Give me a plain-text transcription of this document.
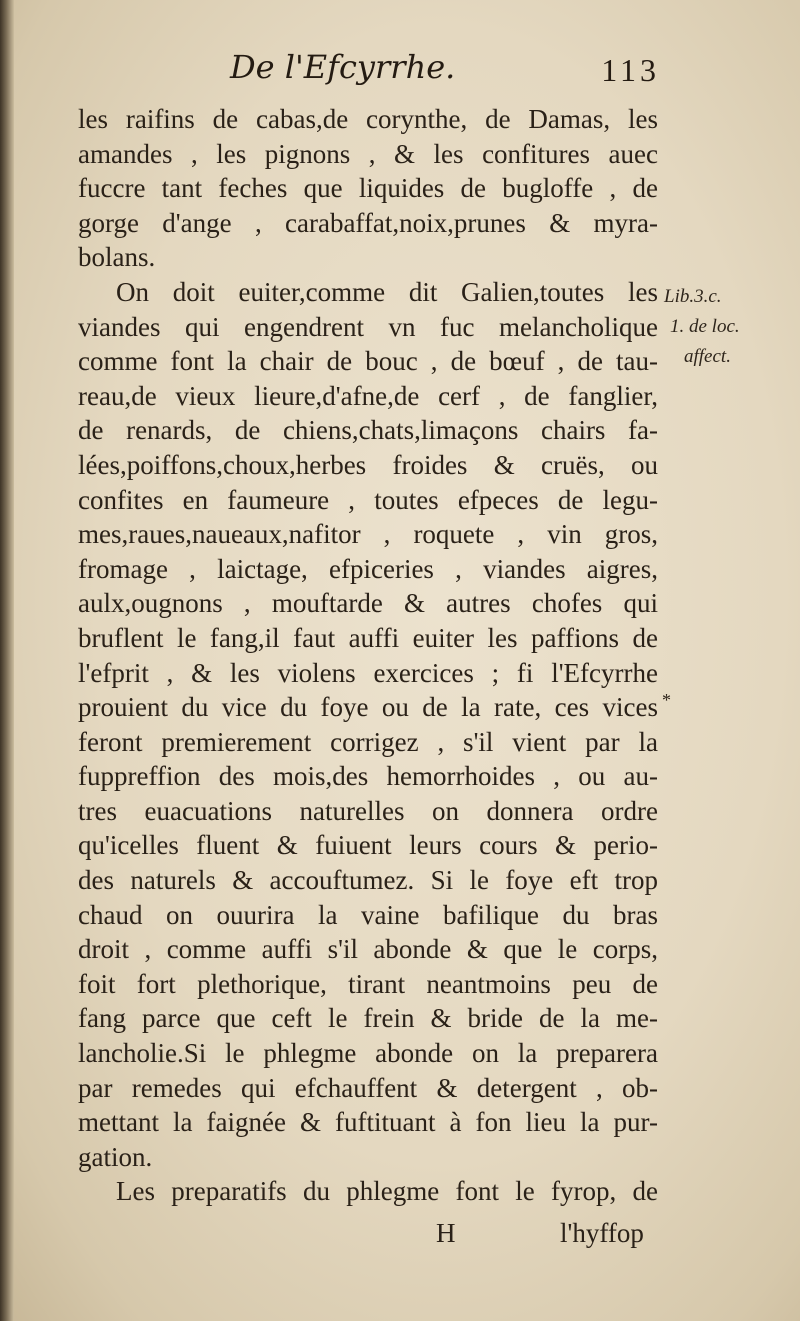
De l'Efcyrrhe.	113
les raifins de cabas,de corynthe, de Damas, les
amandes , les pignons , & les confitures auec
fuccre tant feches que liquides de bugloffe , de
gorge d'ange , carabaffat,noix,prunes & myra-
bolans.
On doit euiter,comme dit Galien,toutes les
viandes qui engendrent vn fuc melancholique
comme font la chair de bouc , de bœuf , de tau-
reau,de vieux lieure,d'afne,de cerf , de fanglier,
de renards, de chiens,chats,limaçons chairs fa-
lées,poiffons,choux,herbes froides & cruës, ou
confites en faumeure , toutes efpeces de legu-
mes,raues,naueaux,nafitor , roquete , vin gros,
fromage , laictage, efpiceries , viandes aigres,
aulx,ougnons , mouftarde & autres chofes qui
bruflent le fang,il faut auffi euiter les paffions de
l'efprit , & les violens exercices ; fi l'Efcyrrhe
prouient du vice du foye ou de la rate, ces vices
feront premierement corrigez , s'il vient par la
fuppreffion des mois,des hemorrhoides , ou au-
tres euacuations naturelles on donnera ordre
qu'icelles fluent & fuiuent leurs cours & perio-
des naturels & accouftumez. Si le foye eft trop
chaud on ouurira la vaine bafilique du bras
droit , comme auffi s'il abonde & que le corps,
foit fort plethorique, tirant neantmoins peu de
fang parce que ceft le frein & bride de la me-
lancholie.Si le phlegme abonde on la preparera
par remedes qui efchauffent & detergent , ob-
mettant la faignée & fuftituant à fon lieu la pur-
gation.
Les preparatifs du phlegme font le fyrop, de
Lib.3.c.
1. de loc.
affect.
*
H	l'hyffop
